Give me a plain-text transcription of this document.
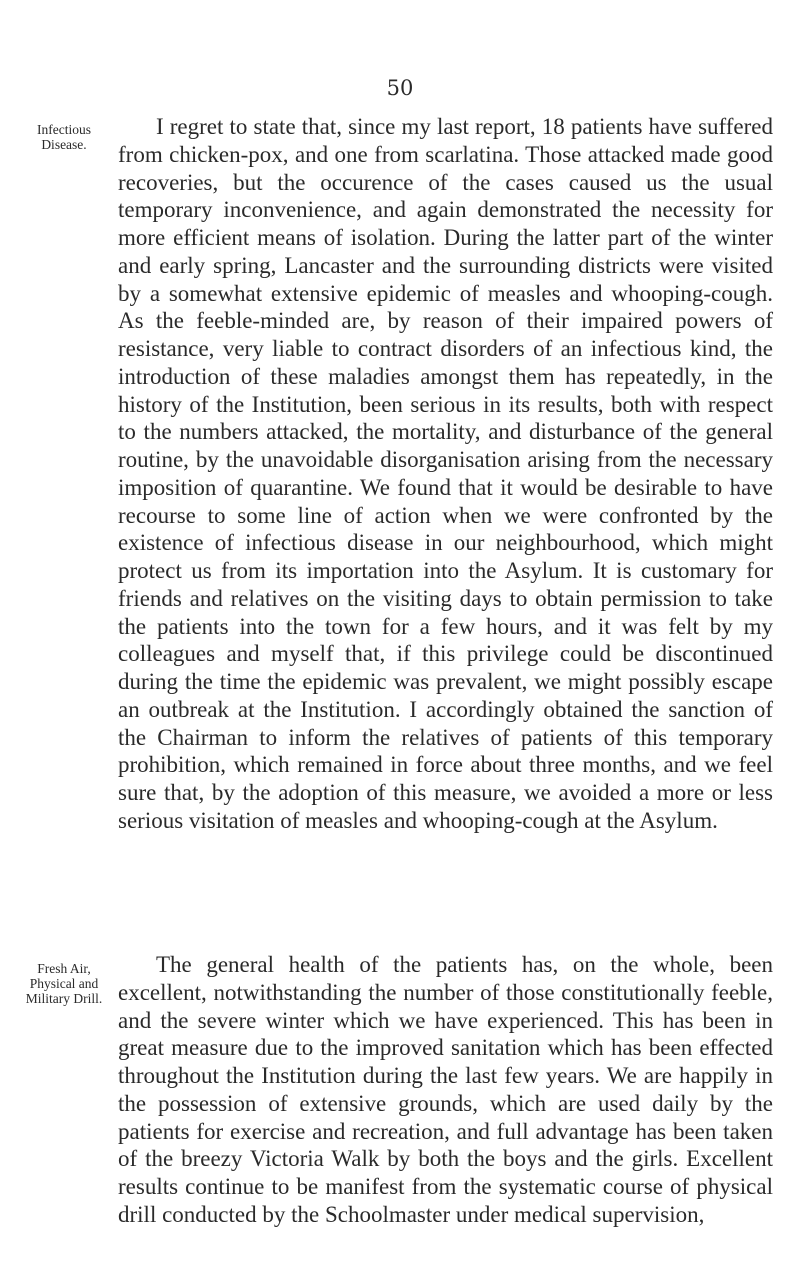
50
Infectious
Disease.

I regret to state that, since my last report, 18 patients have suffered from chicken-pox, and one from scarlatina. Those attacked made good recoveries, but the occurence of the cases caused us the usual temporary inconvenience, and again demonstrated the necessity for more efficient means of isolation. During the latter part of the winter and early spring, Lancaster and the surrounding districts were visited by a somewhat extensive epidemic of measles and whooping-cough. As the feeble-minded are, by reason of their impaired powers of resistance, very liable to contract disorders of an infectious kind, the introduction of these maladies amongst them has repeatedly, in the history of the Institution, been serious in its results, both with respect to the numbers attacked, the mortality, and disturbance of the general routine, by the unavoidable disorganisation arising from the necessary imposition of quarantine. We found that it would be desirable to have recourse to some line of action when we were confronted by the existence of infectious disease in our neighbourhood, which might protect us from its importation into the Asylum. It is customary for friends and relatives on the visiting days to obtain permission to take the patients into the town for a few hours, and it was felt by my colleagues and myself that, if this privilege could be discontinued during the time the epidemic was prevalent, we might possibly escape an outbreak at the Institution. I accordingly obtained the sanction of the Chairman to inform the relatives of patients of this temporary prohibition, which remained in force about three months, and we feel sure that, by the adoption of this measure, we avoided a more or less serious visitation of measles and whooping-cough at the Asylum.

Fresh Air,
Physical and
Military Drill.

The general health of the patients has, on the whole, been excellent, notwithstanding the number of those constitutionally feeble, and the severe winter which we have experienced. This has been in great measure due to the improved sanitation which has been effected throughout the Institution during the last few years. We are happily in the possession of extensive grounds, which are used daily by the patients for exercise and recreation, and full advantage has been taken of the breezy Victoria Walk by both the boys and the girls. Excellent results continue to be manifest from the systematic course of physical drill conducted by the Schoolmaster under medical supervision,
